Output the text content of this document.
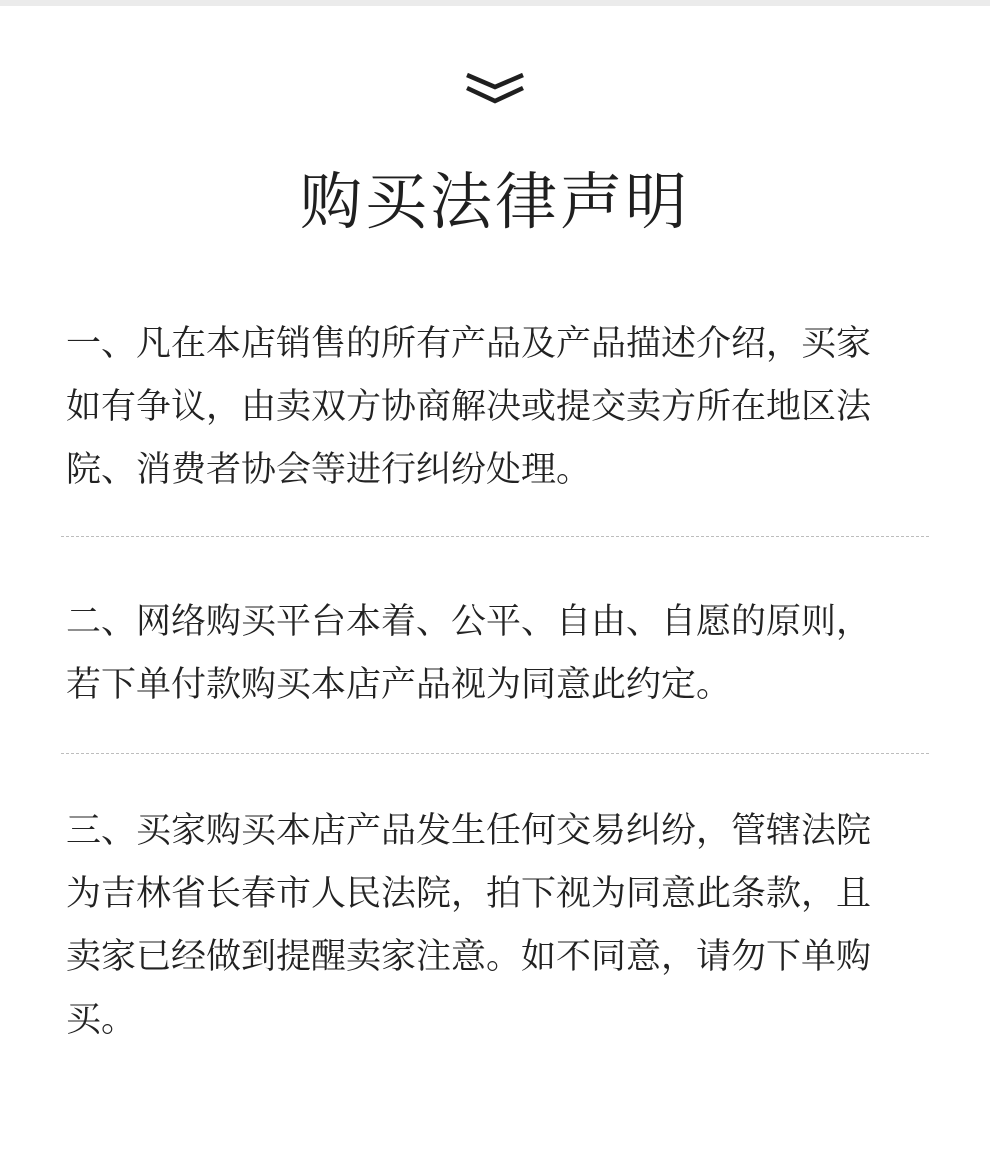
购买法律声明
一、凡在本店销售的所有产品及产品描述介绍，买家
如有争议，由卖双方协商解决或提交卖方所在地区法
院、消费者协会等进行纠纷处理。
二、网络购买平台本着、公平、自由、自愿的原则，
若下单付款购买本店产品视为同意此约定。
三、买家购买本店产品发生任何交易纠纷，管辖法院
为吉林省长春市人民法院，拍下视为同意此条款，且
卖家已经做到提醒卖家注意。如不同意，请勿下单购
买。
